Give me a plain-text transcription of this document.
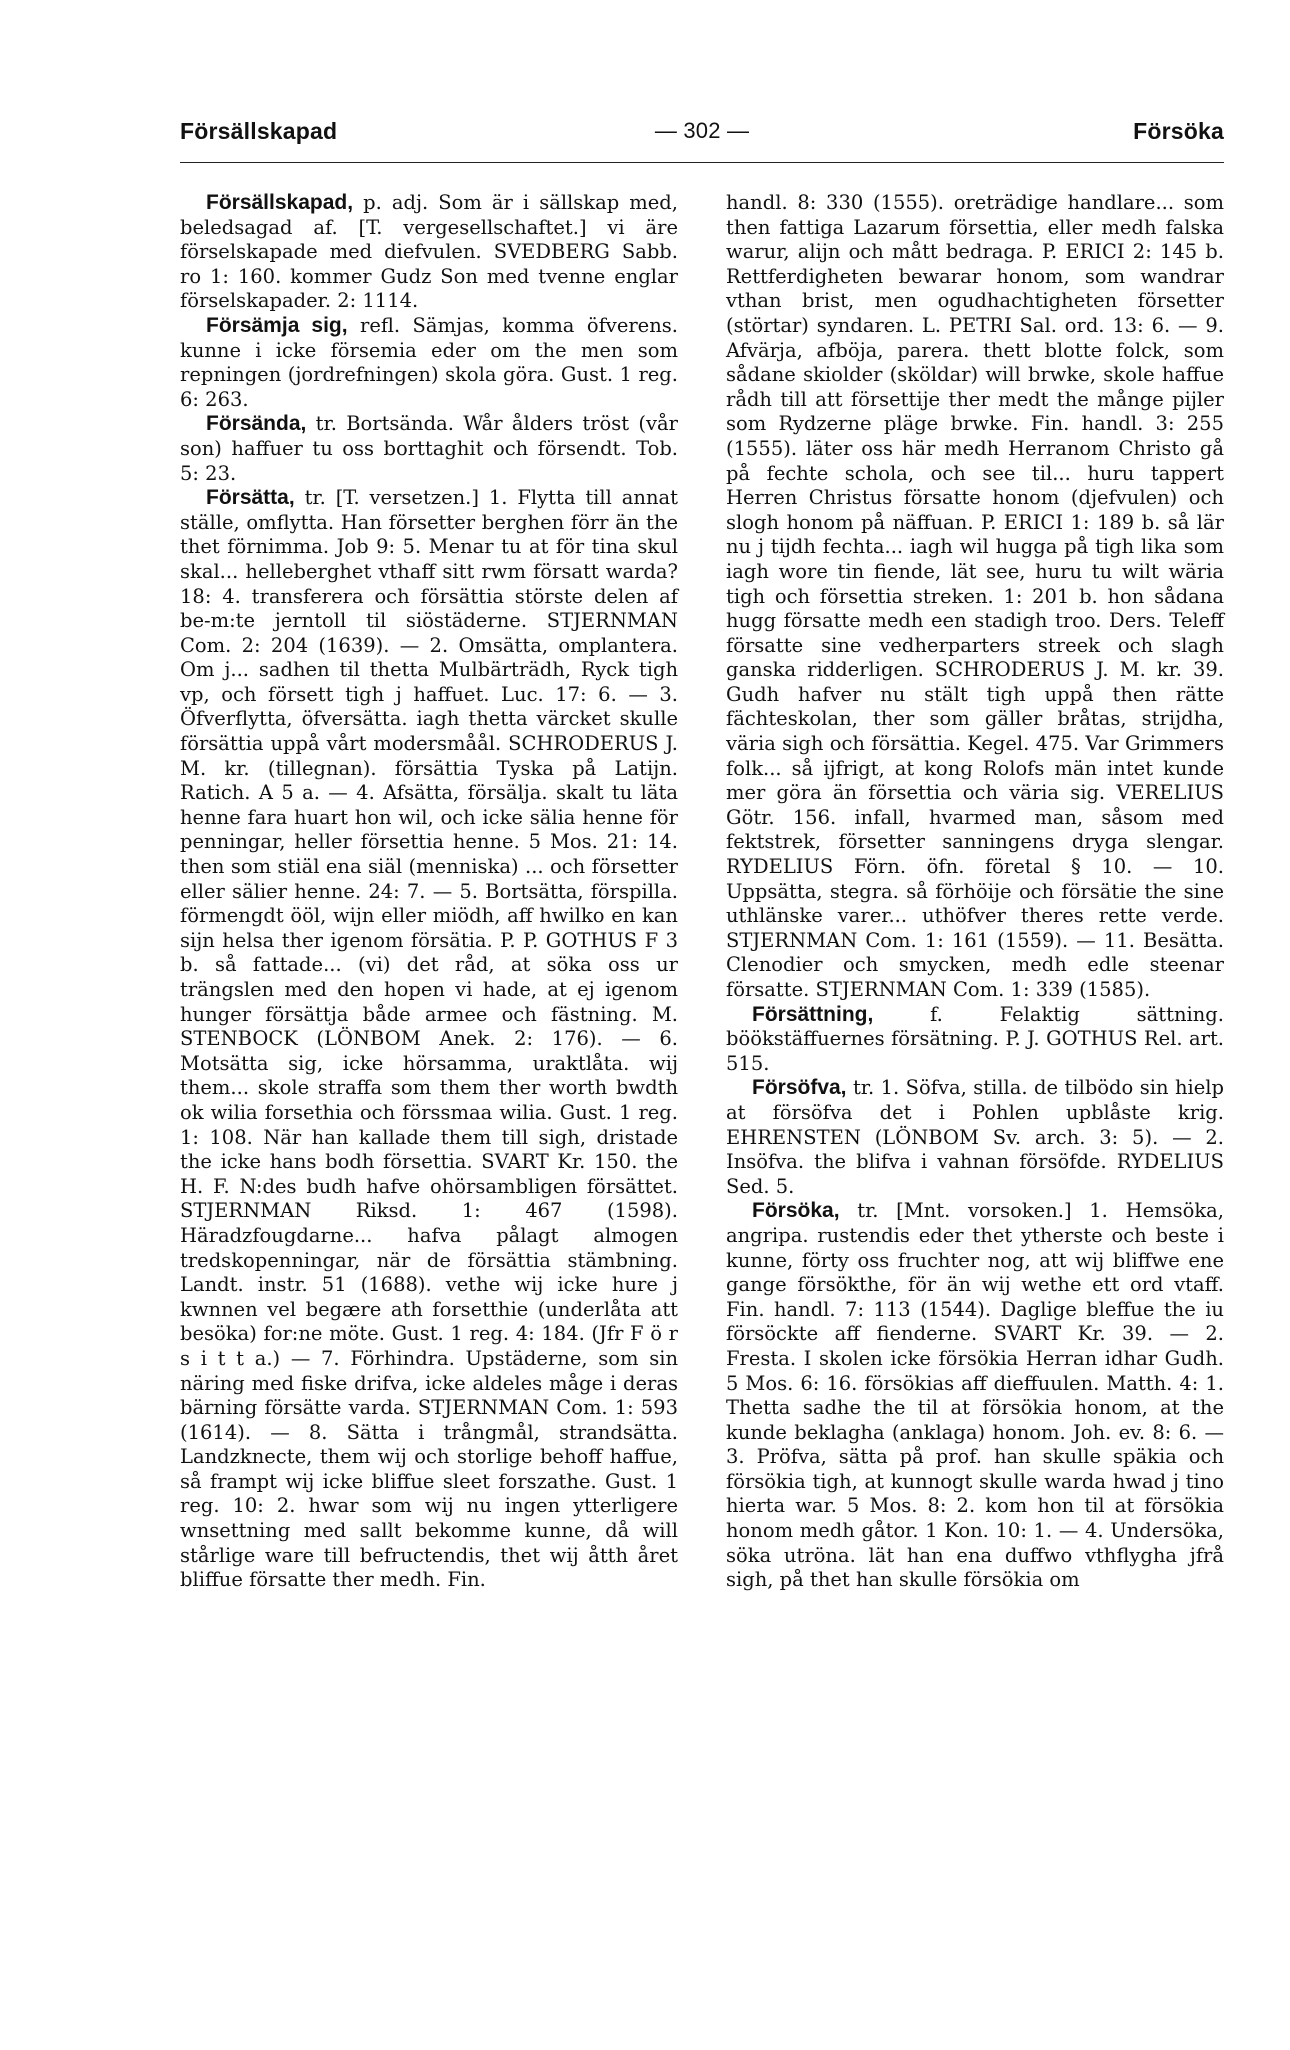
Försällskapad	— 302 —	Försöka

Försällskapad, p. adj. Som är i sällskap med, beledsagad af. [T. vergesellschaftet.] vi äre förselskapade med diefvulen. SVEDBERG Sabb. ro 1: 160. kommer Gudz Son med tvenne englar förselskapader. 2: 1114.

Försämja sig, refl. Sämjas, komma öfverens. kunne i icke försemia eder om the men som repningen (jordrefningen) skola göra. Gust. 1 reg. 6: 263.

Försända, tr. Bortsända. Wår ålders tröst (vår son) haffuer tu oss borttaghit och försendt. Tob. 5: 23.

Försätta, tr. [T. versetzen.] 1. Flytta till annat ställe, omflytta. Han försetter berghen förr än the thet förnimma. Job 9: 5. Menar tu at för tina skul skal... helleberghet vthaff sitt rwm försatt warda? 18: 4. transferera och försättia störste delen af be-m:te jerntoll til siöstäderne. STJERNMAN Com. 2: 204 (1639). — 2. Omsätta, omplantera. Om j... sadhen til thetta Mulbärträdh, Ryck tigh vp, och försett tigh j haffuet. Luc. 17: 6. — 3. Öfverflytta, öfversätta. iagh thetta värcket skulle försättia uppå vårt modersmåål. SCHRODERUS J. M. kr. (tillegnan). försättia Tyska på Latijn. Ratich. A 5 a. — 4. Afsätta, försälja. skalt tu läta henne fara huart hon wil, och icke sälia henne för penningar, heller försettia henne. 5 Mos. 21: 14. then som stiäl ena siäl (menniska) ... och försetter eller sälier henne. 24: 7. — 5. Bortsätta, förspilla. förmengdt ööl, wijn eller miödh, aff hwilko en kan sijn helsa ther igenom försätia. P. P. GOTHUS F 3 b. så fattade... (vi) det råd, at söka oss ur trängslen med den hopen vi hade, at ej igenom hunger försättja både armee och fästning. M. STENBOCK (LÖNBOM Anek. 2: 176). — 6. Motsätta sig, icke hörsamma, uraktlåta. wij them... skole straffa som them ther worth bwdth ok wilia forsethia och förssmaa wilia. Gust. 1 reg. 1: 108. När han kallade them till sigh, dristade the icke hans bodh försettia. SVART Kr. 150. the H. F. N:des budh hafve ohörsambligen försättet. STJERNMAN Riksd. 1: 467 (1598). Häradzfougdarne... hafva pålagt almogen tredskopenningar, när de försättia stämbning. Landt. instr. 51 (1688). vethe wij icke hure j kwnnen vel begære ath forsetthie (underlåta att besöka) for:ne möte. Gust. 1 reg. 4: 184. (Jfr F ö r s i t t a.) — 7. Förhindra. Upstäderne, som sin näring med fiske drifva, icke aldeles måge i deras bärning försätte varda. STJERNMAN Com. 1: 593 (1614). — 8. Sätta i trångmål, strandsätta. Landzknecte, them wij och storlige behoff haffue, så frampt wij icke bliffue sleet forszathe. Gust. 1 reg. 10: 2. hwar som wij nu ingen ytterligere wnsettning med sallt bekomme kunne, då will stårlige ware till befructendis, thet wij åtth året bliffue försatte ther medh. Fin.

handl. 8: 330 (1555). oreträdige handlare... som then fattiga Lazarum försettia, eller medh falska warur, alijn och mått bedraga. P. ERICI 2: 145 b. Rettferdigheten bewarar honom, som wandrar vthan brist, men ogudhachtigheten försetter (störtar) syndaren. L. PETRI Sal. ord. 13: 6. — 9. Afvärja, afböja, parera. thett blotte folck, som sådane skiolder (sköldar) will brwke, skole haffue rådh till att försettije ther medt the månge pijler som Rydzerne pläge brwke. Fin. handl. 3: 255 (1555). läter oss här medh Herranom Christo gå på fechte schola, och see til... huru tappert Herren Christus försatte honom (djefvulen) och slogh honom på näffuan. P. ERICI 1: 189 b. så lär nu j tijdh fechta... iagh wil hugga på tigh lika som iagh wore tin fiende, lät see, huru tu wilt wäria tigh och försettia streken. 1: 201 b. hon sådana hugg försatte medh een stadigh troo. Ders. Teleff försatte sine vedherparters streek och slagh ganska ridderligen. SCHRODERUS J. M. kr. 39. Gudh hafver nu stält tigh uppå then rätte fächteskolan, ther som gäller bråtas, strijdha, väria sigh och försättia. Kegel. 475. Var Grimmers folk... så ijfrigt, at kong Rolofs män intet kunde mer göra än försettia och väria sig. VERELIUS Götr. 156. infall, hvarmed man, såsom med fektstrek, försetter sanningens dryga slengar. RYDELIUS Förn. öfn. företal § 10. — 10. Uppsätta, stegra. så förhöije och försätie the sine uthlänske varer... uthöfver theres rette verde. STJERNMAN Com. 1: 161 (1559). — 11. Besätta. Clenodier och smycken, medh edle steenar försatte. STJERNMAN Com. 1: 339 (1585).

Försättning, f. Felaktig sättning. böökstäffuernes försätning. P. J. GOTHUS Rel. art. 515.

Försöfva, tr. 1. Söfva, stilla. de tilbödo sin hielp at försöfva det i Pohlen upblåste krig. EHRENSTEN (LÖNBOM Sv. arch. 3: 5). — 2. Insöfva. the blifva i vahnan försöfde. RYDELIUS Sed. 5.

Försöka, tr. [Mnt. vorsoken.] 1. Hemsöka, angripa. rustendis eder thet ytherste och beste i kunne, förty oss fruchter nog, att wij bliffwe ene gange försökthe, för än wij wethe ett ord vtaff. Fin. handl. 7: 113 (1544). Daglige bleffue the iu försöckte aff fienderne. SVART Kr. 39. — 2. Fresta. I skolen icke försökia Herran idhar Gudh. 5 Mos. 6: 16. försökias aff dieffuulen. Matth. 4: 1. Thetta sadhe the til at försökia honom, at the kunde beklagha (anklaga) honom. Joh. ev. 8: 6. — 3. Pröfva, sätta på prof. han skulle späkia och försökia tigh, at kunnogt skulle warda hwad j tino hierta war. 5 Mos. 8: 2. kom hon til at försökia honom medh gåtor. 1 Kon. 10: 1. — 4. Undersöka, söka utröna. lät han ena duffwo vthflygha jfrå sigh, på thet han skulle försökia om
